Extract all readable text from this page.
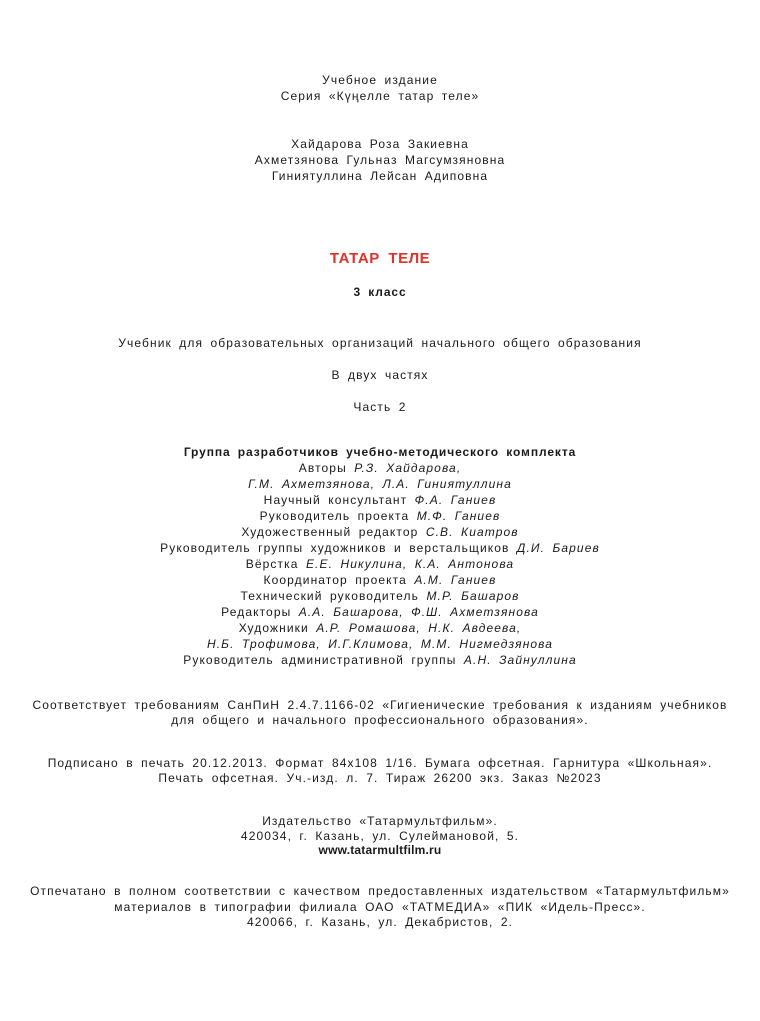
Учебное издание
Серия «Күңелле татар теле»
Хайдарова Роза Закиевна
Ахметзянова Гульназ Магсумзяновна
Гиниятуллина Лейсан Адиповна
ТАТАР ТЕЛЕ
3 класс
Учебник для образовательных организаций начального общего образования
В двух частях
Часть 2
Группа разработчиков учебно-методического комплекта
Авторы Р.З. Хайдарова,
Г.М. Ахметзянова, Л.А. Гиниятуллина
Научный консультант Ф.А. Ганиев
Руководитель проекта М.Ф. Ганиев
Художественный редактор С.В. Киатров
Руководитель группы художников и верстальщиков Д.И. Бариев
Вёрстка Е.Е. Никулина, К.А. Антонова
Координатор проекта А.М. Ганиев
Технический руководитель М.Р. Башаров
Редакторы А.А. Башарова, Ф.Ш. Ахметзянова
Художники А.Р. Ромашова, Н.К. Авдеева,
Н.Б. Трофимова, И.Г.Климова, М.М. Нигмедзянова
Руководитель административной группы А.Н. Зайнуллина
Соответствует требованиям СанПиН 2.4.7.1166-02 «Гигиенические требования к изданиям учебников
для общего и начального профессионального образования».
Подписано в печать 20.12.2013. Формат 84x108 1/16. Бумага офсетная. Гарнитура «Школьная».
Печать офсетная. Уч.-изд. л. 7. Тираж 26200 экз. Заказ №2023
Издательство «Татармультфильм».
420034, г. Казань, ул. Сулеймановой, 5.
www.tatarmultfilm.ru
Отпечатано в полном соответствии с качеством предоставленных издательством «Татармультфильм»
материалов в типографии филиала ОАО «ТАТМЕДИА» «ПИК «Идель-Пресс».
420066, г. Казань, ул. Декабристов, 2.
